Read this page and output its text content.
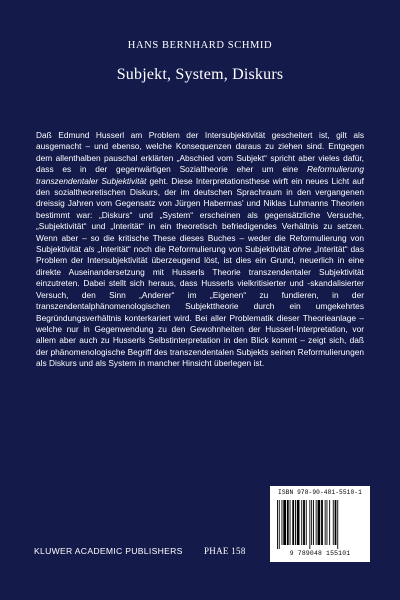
HANS BERNHARD SCHMID
Subjekt, System, Diskurs
Daß Edmund Husserl am Problem der Intersubjektivität gescheitert ist, gilt als ausgemacht – und ebenso, welche Konsequenzen daraus zu ziehen sind. Entgegen dem allenthalben pauschal erklärten „Abschied vom Subjekt“ spricht aber vieles dafür, dass es in der gegenwärtigen Sozialtheorie eher um eine Reformulierung transzendentaler Subjektivität geht. Diese Interpretationsthese wirft ein neues Licht auf den sozialtheoretischen Diskurs, der im deutschen Sprachraum in den vergangenen dreissig Jahren vom Gegensatz von Jürgen Habermas' und Niklas Luhmanns Theorien bestimmt war: „Diskurs“ und „System“ erscheinen als gegensätzliche Versuche, „Subjektivität“ und „Interität“ in ein theoretisch befriedigendes Verhältnis zu setzen. Wenn aber – so die kritische These dieses Buches – weder die Reformulierung von Subjektivität als „Interität“ noch die Reformulierung von Subjektivität ohne „Interität“ das Problem der Intersubjektivität überzeugend löst, ist dies ein Grund, neuerlich in eine direkte Auseinandersetzung mit Husserls Theorie transzendentaler Subjektivität einzutreten. Dabei stellt sich heraus, dass Husserls vielkritisierter und -skandalisierter Versuch, den Sinn „Anderer“ im „Eigenen“ zu fundieren, in der transzendentalphänomenologischen Subjekttheorie durch ein umgekehrtes Begründungsverhältnis konterkariert wird. Bei aller Problematik dieser Theorieanlage – welche nur in Gegenwendung zu den Gewohnheiten der Husserl-Interpretation, vor allem aber auch zu Husserls Selbstinterpretation in den Blick kommt – zeigt sich, daß der phänomenologische Begriff des transzendentalen Subjekts seinen Reformulierungen als Diskurs und als System in mancher Hinsicht überlegen ist.
KLUWER ACADEMIC PUBLISHERS PHAE 158
ISBN 978-90-481-5510-1
9 789048 155101
